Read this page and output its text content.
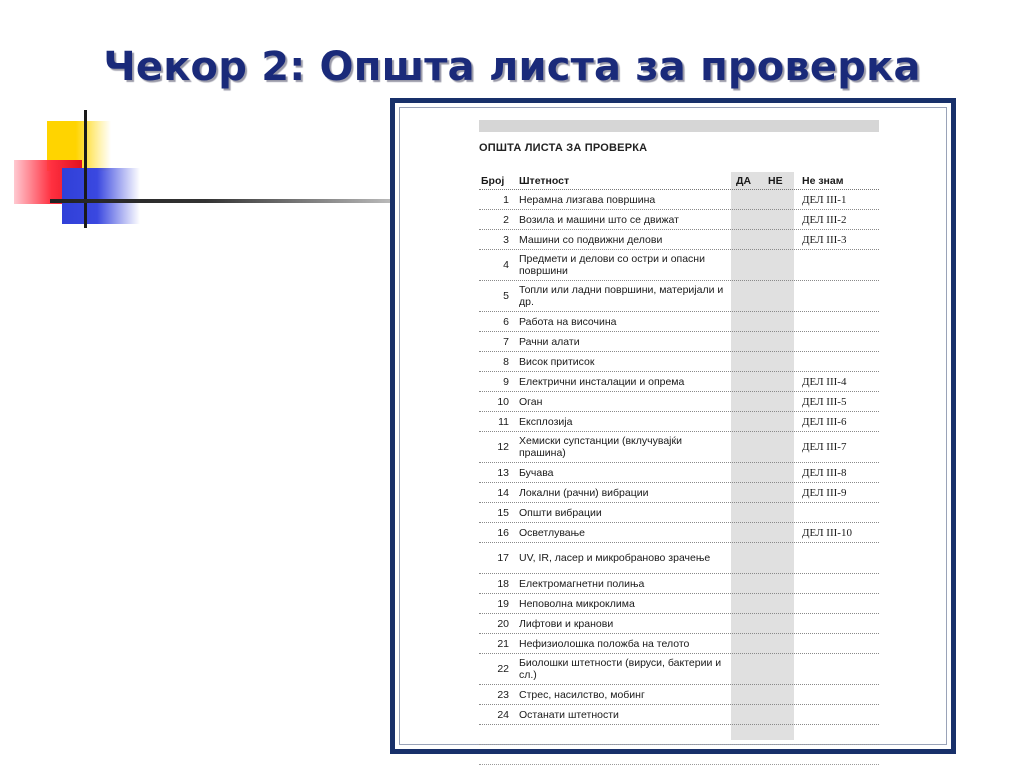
Чекор 2: Општа листа за проверка
ОПШТА ЛИСТА ЗА ПРОВЕРКА
Број	Штетност	ДА	НЕ	Не знам
1 Нерамна лизгава површина	ДЕЛ III-1
2 Возила и машини што се движат	ДЕЛ III-2
3 Машини со подвижни делови	ДЕЛ III-3
4 Предмети и делови со остри и опасни површини
5 Топли или ладни површини, материјали и др.
6 Работа на височина
7 Рачни алати
8 Висок притисок
9 Електрични инсталации и опрема	ДЕЛ III-4
10 Оган	ДЕЛ III-5
11 Експлозија	ДЕЛ III-6
12 Хемиски супстанции (вклучувајќи прашина)	ДЕЛ III-7
13 Бучава	ДЕЛ III-8
14 Локални (рачни) вибрации	ДЕЛ III-9
15 Општи вибрации
16 Осветлување	ДЕЛ III-10
17 UV, IR, ласер и микробраново зрачење
18 Електромагнетни полиња
19 Неповолна микроклима
20 Лифтови и кранови
21 Нефизиолошка положба на телото
22 Биолошки штетности (вируси, бактерии и сл.)
23 Стрес, насилство, мобинг
24 Останати штетности
